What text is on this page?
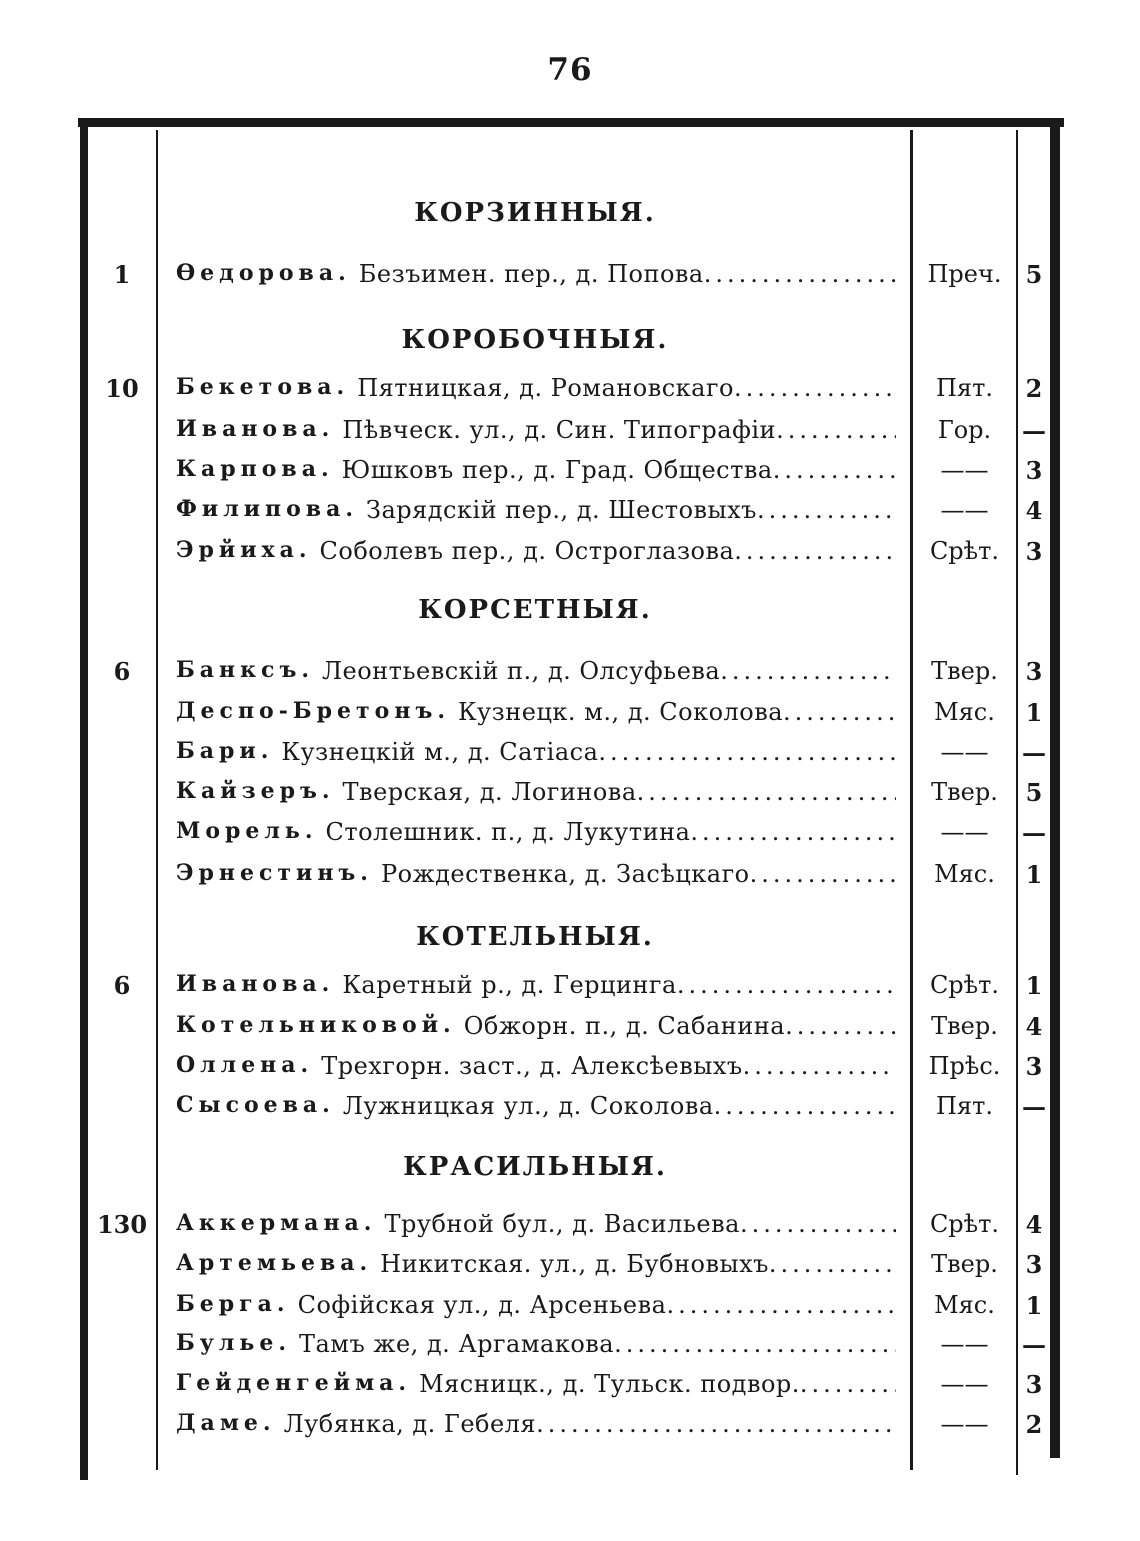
76
КОРЗИННЫЯ.
1	Өедорова. Безъимен. пер., д. Попова .....	Преч.	5
КОРОБОЧНЫЯ.
10	Бекетова. Пятницкая, д. Романовскаго .....	Пят.	2
Иванова. Пѣвческ. ул., д. Син. Типографіи .....	Гор.	—
Карпова. Юшковъ пер., д. Град. Общества .....	——	3
Филипова. Зарядскій пер., д. Шестовыхъ .....	——	4
Эрйиха. Соболевъ пер., д. Остроглазова .....	Срѣт.	3
КОРСЕТНЫЯ.
6	Банксъ. Леонтьевскій п., д. Олсуфьева .....	Твер.	3
Деспо-Бретонъ. Кузнецк. м., д. Соколова .....	Мяс.	1
Бари. Кузнецкій м., д. Сатіаса .....	——	—
Кайзеръ. Тверская, д. Логинова .....	Твер.	5
Морель. Столешник. п., д. Лукутина .....	——	—
Эрнестинъ. Рождественка, д. Засѣцкаго .....	Мяс.	1
КОТЕЛЬНЫЯ.
6	Иванова. Каретный р., д. Герцинга .....	Срѣт.	1
Котельниковой. Обжорн. п., д. Сабанина .....	Твер.	4
Оллена. Трехгорн. заст., д. Алексѣевыхъ .....	Прѣс.	3
Сысоева. Лужницкая ул., д. Соколова .....	Пят.	—
КРАСИЛЬНЫЯ.
130	Аккермана. Трубной бул., д. Васильева .....	Срѣт.	4
Артемьева. Никитская. ул., д. Бубновыхъ .....	Твер.	3
Берга. Софійская ул., д. Арсеньева .....	Мяс.	1
Булье. Тамъ же, д. Аргамакова .....	——	—
Гейденгейма. Мясницк., д. Тульск. подвор. .....	——	3
Даме. Лубянка, д. Гебеля .....	——	2
